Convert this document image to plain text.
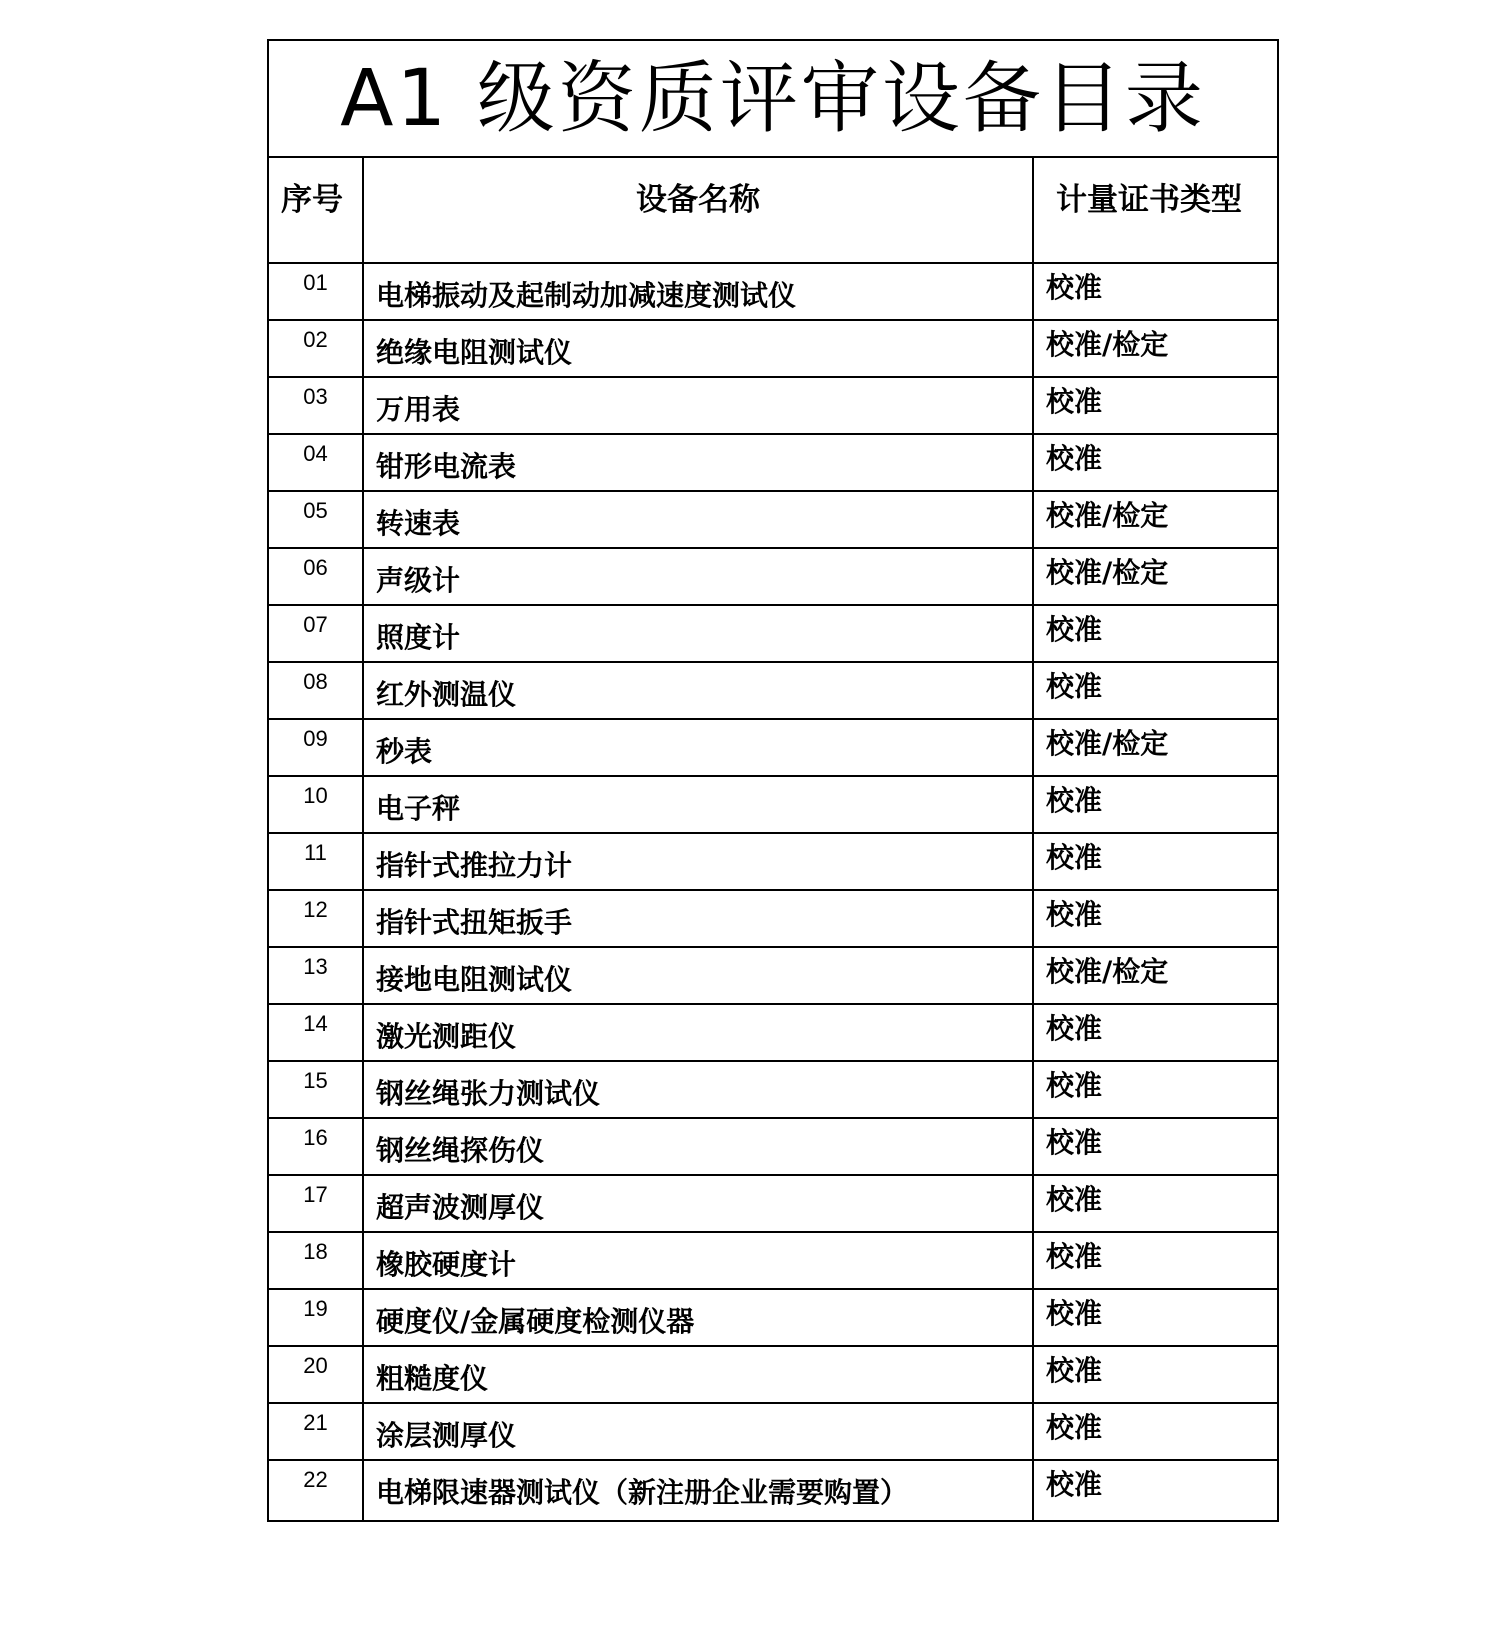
A1 级资质评审设备目录
序号	设备名称	计量证书类型
01	电梯振动及起制动加减速度测试仪	校准
02	绝缘电阻测试仪	校准/检定
03	万用表	校准
04	钳形电流表	校准
05	转速表	校准/检定
06	声级计	校准/检定
07	照度计	校准
08	红外测温仪	校准
09	秒表	校准/检定
10	电子秤	校准
11	指针式推拉力计	校准
12	指针式扭矩扳手	校准
13	接地电阻测试仪	校准/检定
14	激光测距仪	校准
15	钢丝绳张力测试仪	校准
16	钢丝绳探伤仪	校准
17	超声波测厚仪	校准
18	橡胶硬度计	校准
19	硬度仪/金属硬度检测仪器	校准
20	粗糙度仪	校准
21	涂层测厚仪	校准
22	电梯限速器测试仪（新注册企业需要购置）	校准
